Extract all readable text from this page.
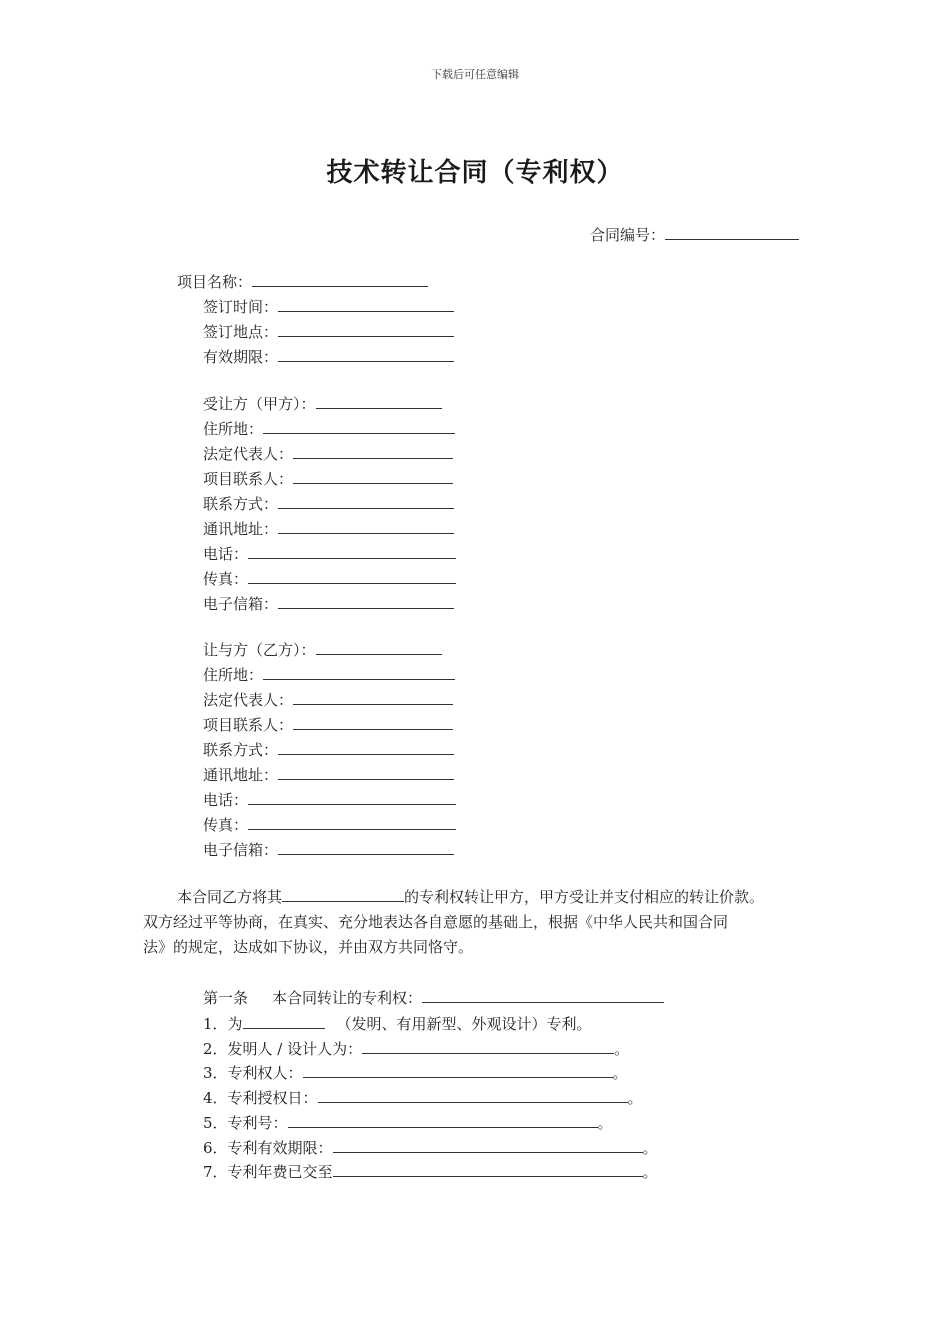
下载后可任意编辑
技术转让合同（专利权）
合同编号：
项目名称：
签订时间：
签订地点：
有效期限：
受让方（甲方）：
住所地：
法定代表人：
项目联系人：
联系方式：
通讯地址：
电话：
传真：
电子信箱：
让与方（乙方）：
住所地：
法定代表人：
项目联系人：
联系方式：
通讯地址：
电话：
传真：
电子信箱：
本合同乙方将其	的专利权转让甲方，甲方受让并支付相应的转让价款。
双方经过平等协商，在真实、充分地表达各自意愿的基础上，根据《中华人民共和国合同
法》的规定，达成如下协议，并由双方共同恪守。
第一条 本合同转让的专利权：
1．为	（发明、有用新型、外观设计）专利。
2．发明人 / 设计人为：	。
3．专利权人：	。
4．专利授权日：	。
5．专利号：	。
6．专利有效期限：	。
7．专利年费已交至	。
